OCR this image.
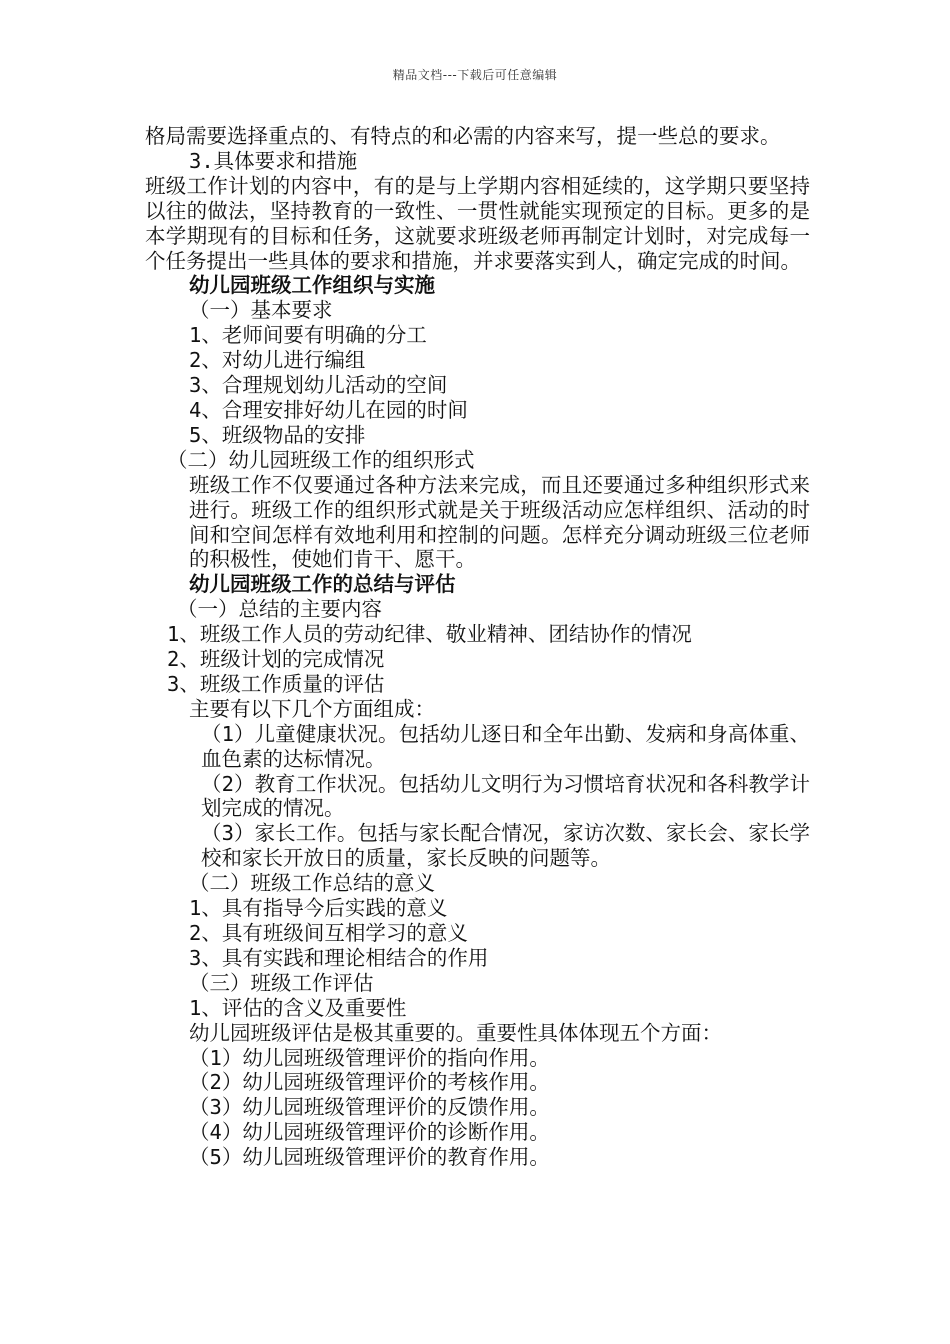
精品文档---下载后可任意编辑

格局需要选择重点的、有特点的和必需的内容来写，提一些总的要求。

3.具体要求和措施

班级工作计划的内容中，有的是与上学期内容相延续的，这学期只要坚持以往的做法，坚持教育的一致性、一贯性就能实现预定的目标。更多的是本学期现有的目标和任务，这就要求班级老师再制定计划时，对完成每一个任务提出一些具体的要求和措施，并求要落实到人，确定完成的时间。

幼儿园班级工作组织与实施

（一）基本要求

1、老师间要有明确的分工

2、对幼儿进行编组

3、合理规划幼儿活动的空间

4、合理安排好幼儿在园的时间

5、班级物品的安排

（二）幼儿园班级工作的组织形式

班级工作不仅要通过各种方法来完成，而且还要通过多种组织形式来进行。班级工作的组织形式就是关于班级活动应怎样组织、活动的时间和空间怎样有效地利用和控制的问题。怎样充分调动班级三位老师的积极性，使她们肯干、愿干。

幼儿园班级工作的总结与评估

（一）总结的主要内容

1、班级工作人员的劳动纪律、敬业精神、团结协作的情况

2、班级计划的完成情况

3、班级工作质量的评估

主要有以下几个方面组成：

（1）儿童健康状况。包括幼儿逐日和全年出勤、发病和身高体重、血色素的达标情况。

（2）教育工作状况。包括幼儿文明行为习惯培育状况和各科教学计划完成的情况。

（3）家长工作。包括与家长配合情况，家访次数、家长会、家长学校和家长开放日的质量，家长反映的问题等。

（二）班级工作总结的意义

1、具有指导今后实践的意义

2、具有班级间互相学习的意义

3、具有实践和理论相结合的作用

（三）班级工作评估

1、评估的含义及重要性

幼儿园班级评估是极其重要的。重要性具体体现五个方面：

（1）幼儿园班级管理评价的指向作用。

（2）幼儿园班级管理评价的考核作用。

（3）幼儿园班级管理评价的反馈作用。

（4）幼儿园班级管理评价的诊断作用。

（5）幼儿园班级管理评价的教育作用。
